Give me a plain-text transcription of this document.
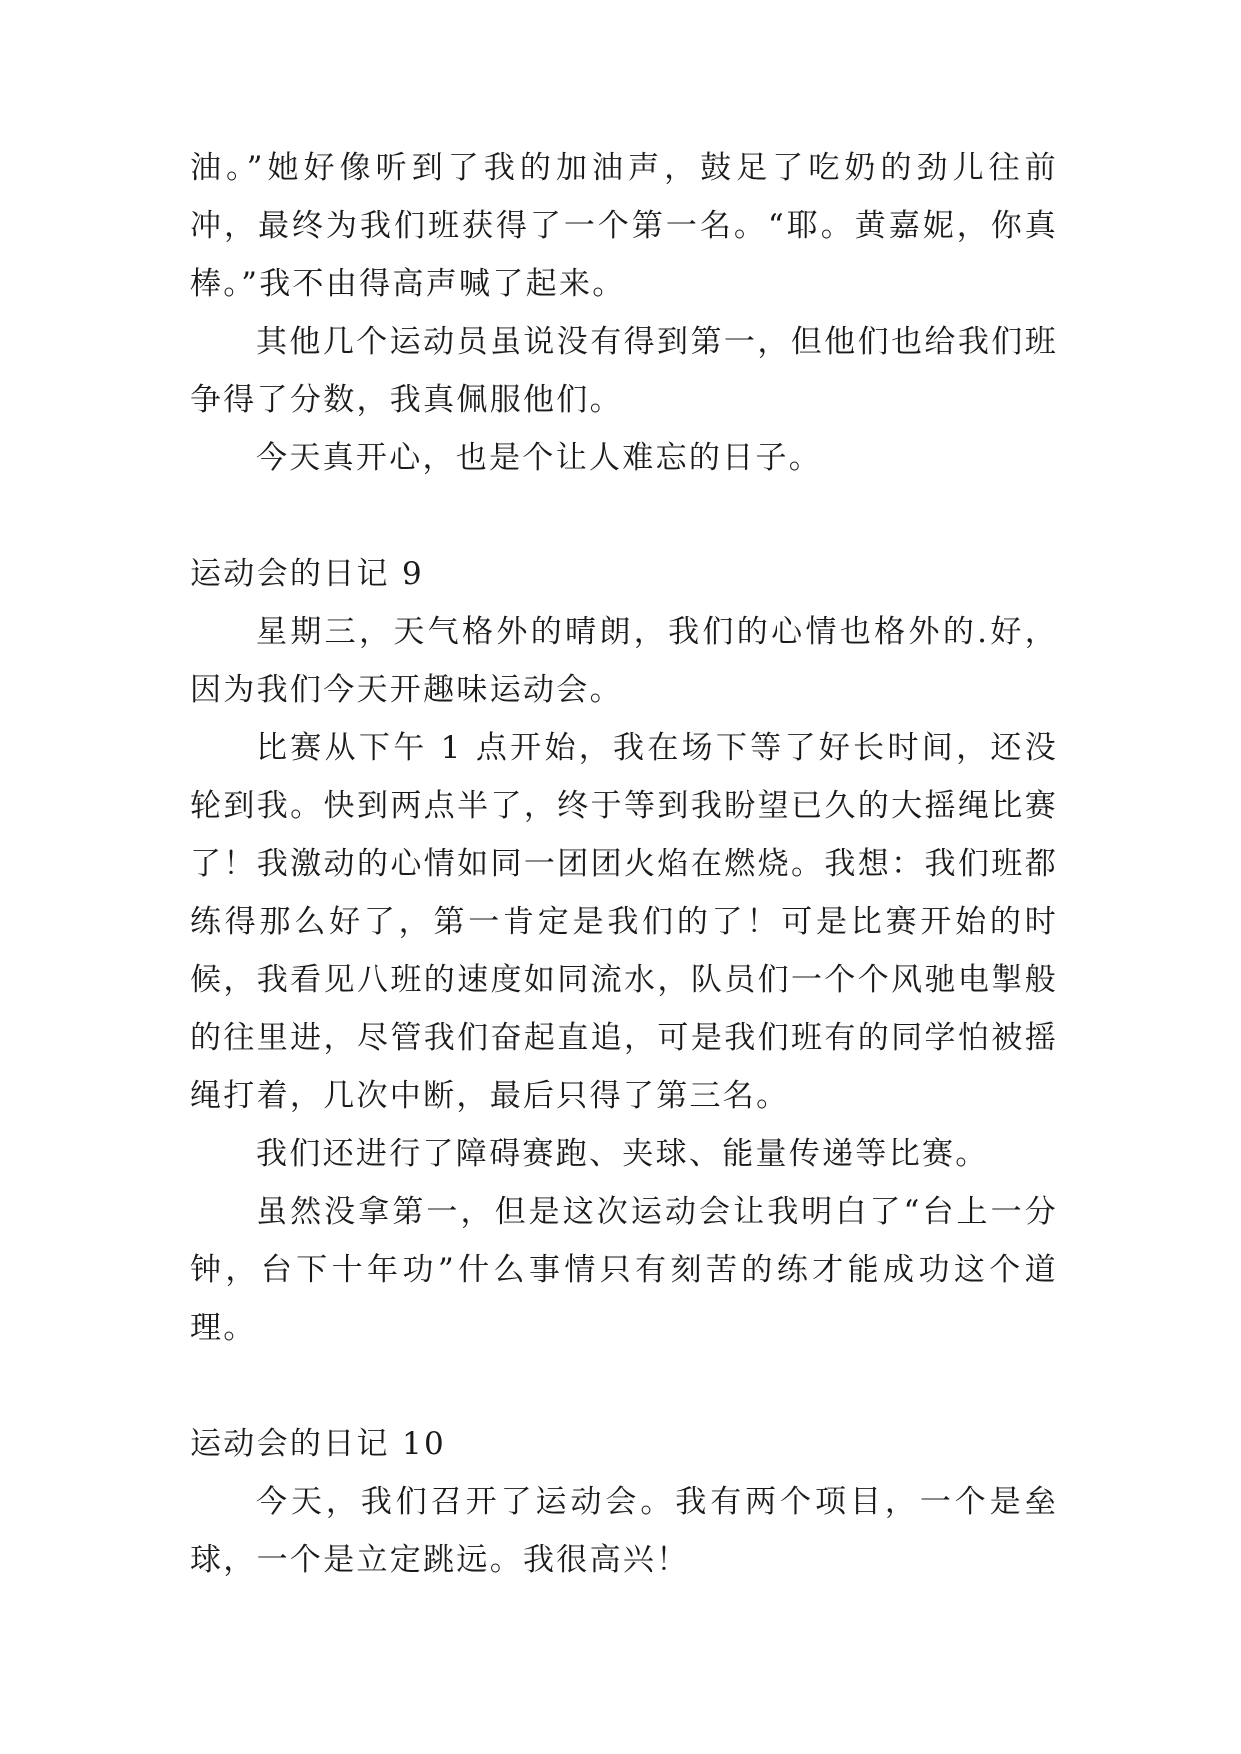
油。”她好像听到了我的加油声，鼓足了吃奶的劲儿往前冲，最终为我们班获得了一个第一名。“耶。黄嘉妮，你真棒。”我不由得高声喊了起来。

其他几个运动员虽说没有得到第一，但他们也给我们班争得了分数，我真佩服他们。

今天真开心，也是个让人难忘的日子。

运动会的日记 9

星期三，天气格外的晴朗，我们的心情也格外的.好，因为我们今天开趣味运动会。

比赛从下午 1 点开始，我在场下等了好长时间，还没轮到我。快到两点半了，终于等到我盼望已久的大摇绳比赛了！我激动的心情如同一团团火焰在燃烧。我想：我们班都练得那么好了，第一肯定是我们的了！可是比赛开始的时候，我看见八班的速度如同流水，队员们一个个风驰电掣般的往里进，尽管我们奋起直追，可是我们班有的同学怕被摇绳打着，几次中断，最后只得了第三名。

我们还进行了障碍赛跑、夹球、能量传递等比赛。

虽然没拿第一，但是这次运动会让我明白了“台上一分钟，台下十年功”什么事情只有刻苦的练才能成功这个道理。

运动会的日记 10

今天，我们召开了运动会。我有两个项目，一个是垒球，一个是立定跳远。我很高兴！
